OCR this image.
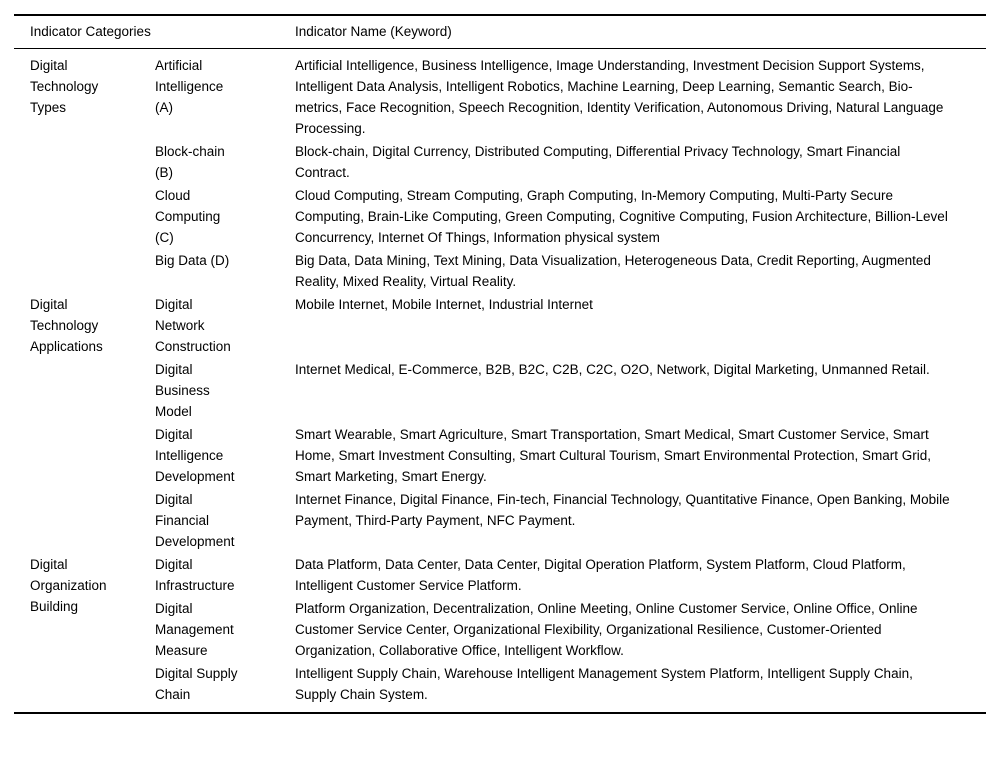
Indicator Categories	Indicator Name (Keyword)
Digital Technology Types
Artificial Intelligence (A)
Artificial Intelligence, Business Intelligence, Image Understanding, Investment Decision Support Systems, Intelligent Data Analysis, Intelligent Robotics, Machine Learning, Deep Learning, Semantic Search, Bio-metrics, Face Recognition, Speech Recognition, Identity Verification, Autonomous Driving, Natural Language Processing.
Block-chain (B)
Block-chain, Digital Currency, Distributed Computing, Differential Privacy Technology, Smart Financial Contract.
Cloud Computing (C)
Cloud Computing, Stream Computing, Graph Computing, In-Memory Computing, Multi-Party Secure Computing, Brain-Like Computing, Green Computing, Cognitive Computing, Fusion Architecture, Billion-Level Concurrency, Internet Of Things, Information physical system
Big Data (D)	Big Data, Data Mining, Text Mining, Data Visualization, Heterogeneous Data, Credit Reporting, Augmented Reality, Mixed Reality, Virtual Reality.
Digital Technology Applications
Digital Network Construction
Mobile Internet, Mobile Internet, Industrial Internet
Digital Business Model
Internet Medical, E-Commerce, B2B, B2C, C2B, C2C, O2O, Network, Digital Marketing, Unmanned Retail.
Digital Intelligence Development
Smart Wearable, Smart Agriculture, Smart Transportation, Smart Medical, Smart Customer Service, Smart Home, Smart Investment Consulting, Smart Cultural Tourism, Smart Environmental Protection, Smart Grid, Smart Marketing, Smart Energy.
Digital Financial Development
Internet Finance, Digital Finance, Fin-tech, Financial Technology, Quantitative Finance, Open Banking, Mobile Payment, Third-Party Payment, NFC Payment.
Digital Organization Building
Digital Infrastructure
Data Platform, Data Center, Data Center, Digital Operation Platform, System Platform, Cloud Platform, Intelligent Customer Service Platform.
Digital Management Measure
Platform Organization, Decentralization, Online Meeting, Online Customer Service, Online Office, Online Customer Service Center, Organizational Flexibility, Organizational Resilience, Customer-Oriented Organization, Collaborative Office, Intelligent Workflow.
Digital Supply Chain
Intelligent Supply Chain, Warehouse Intelligent Management System Platform, Intelligent Supply Chain, Supply Chain System.
